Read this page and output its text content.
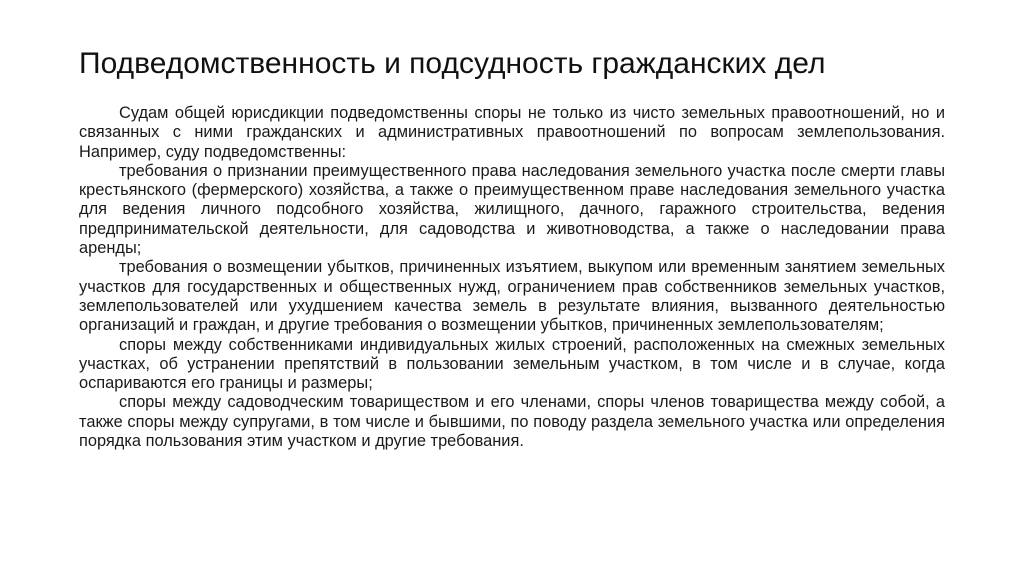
Подведомственность и подсудность гражданских дел

Судам общей юрисдикции подведомственны споры не только из чисто земельных правоотношений, но и связанных с ними гражданских и административных правоотношений по вопросам землепользования. Например, суду подведомственны:

требования о признании преимущественного права наследования земельного участка после смерти главы крестьянского (фермерского) хозяйства, а также о преимущественном праве наследования земельного участка для ведения личного подсобного хозяйства, жилищного, дачного, гаражного строительства, ведения предпринимательской деятельности, для садоводства и животноводства, а также о наследовании права аренды;

требования о возмещении убытков, причиненных изъятием, выкупом или временным занятием земельных участков для государственных и общественных нужд, ограничением прав собственников земельных участков, землепользователей или ухудшением качества земель в результате влияния, вызванного деятельностью организаций и граждан, и другие требования о возмещении убытков, причиненных землепользователям;

споры между собственниками индивидуальных жилых строений, расположенных на смежных земельных участках, об устранении препятствий в пользовании земельным участком, в том числе и в случае, когда оспариваются его границы и размеры;

споры между садоводческим товариществом и его членами, споры членов товарищества между собой, а также споры между супругами, в том числе и бывшими, по поводу раздела земельного участка или определения порядка пользования этим участком и другие требования.
